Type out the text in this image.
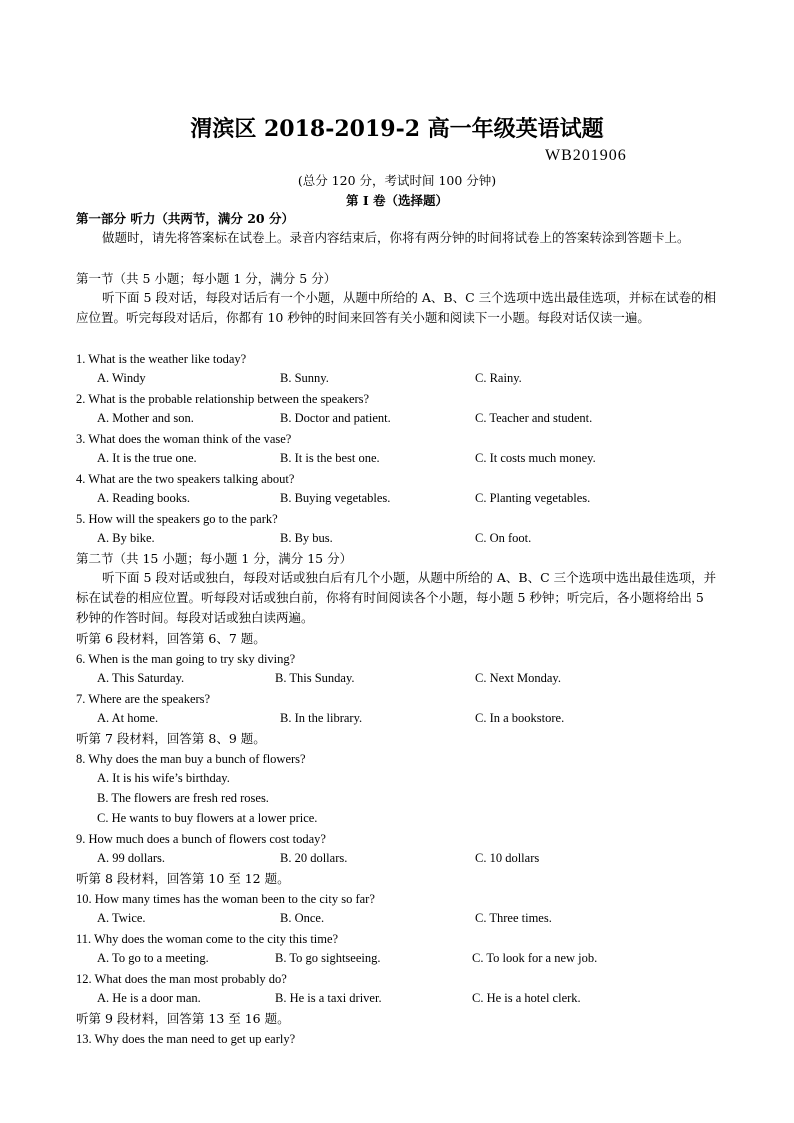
渭滨区 2018-2019-2 高一年级英语试题
WB201906
(总分 120 分，考试时间 100 分钟)
第 I 卷（选择题）
第一部分 听力（共两节，满分 20 分）
做题时，请先将答案标在试卷上。录音内容结束后，你将有两分钟的时间将试卷上的答案转涂到答题卡上。
第一节（共 5 小题；每小题 1 分，满分 5 分）
听下面 5 段对话，每段对话后有一个小题，从题中所给的 A、B、C 三个选项中选出最佳选项，并标在试卷的相应位置。听完每段对话后，你都有 10 秒钟的时间来回答有关小题和阅读下一小题。每段对话仅读一遍。
1. What is the weather like today?
A. Windy	B. Sunny.	C. Rainy.
2. What is the probable relationship between the speakers?
A. Mother and son.	B. Doctor and patient.	C. Teacher and student.
3. What does the woman think of the vase?
A. It is the true one.	B. It is the best one.	C. It costs much money.
4. What are the two speakers talking about?
A. Reading books.	B. Buying vegetables.	C. Planting vegetables.
5. How will the speakers go to the park?
A. By bike.	B. By bus.	C. On foot.
第二节（共 15 小题；每小题 1 分，满分 15 分）
听下面 5 段对话或独白，每段对话或独白后有几个小题，从题中所给的 A、B、C 三个选项中选出最佳选项，并标在试卷的相应位置。听每段对话或独白前，你将有时间阅读各个小题，每小题 5 秒钟；听完后，各小题将给出 5 秒钟的作答时间。每段对话或独白读两遍。
听第 6 段材料，回答第 6、7 题。
6. When is the man going to try sky diving?
A. This Saturday.	B. This Sunday.	C. Next Monday.
7. Where are the speakers?
A. At home.	B. In the library.	C. In a bookstore.
听第 7 段材料，回答第 8、9 题。
8. Why does the man buy a bunch of flowers?
A. It is his wife’s birthday.
B. The flowers are fresh red roses.
C. He wants to buy flowers at a lower price.
9. How much does a bunch of flowers cost today?
A. 99 dollars.	B. 20 dollars.	C. 10 dollars
听第 8 段材料，回答第 10 至 12 题。
10. How many times has the woman been to the city so far?
A. Twice.	B. Once.	C. Three times.
11. Why does the woman come to the city this time?
A. To go to a meeting.	B. To go sightseeing.	C. To look for a new job.
12. What does the man most probably do?
A. He is a door man.	B. He is a taxi driver.	C. He is a hotel clerk.
听第 9 段材料，回答第 13 至 16 题。
13. Why does the man need to get up early?
